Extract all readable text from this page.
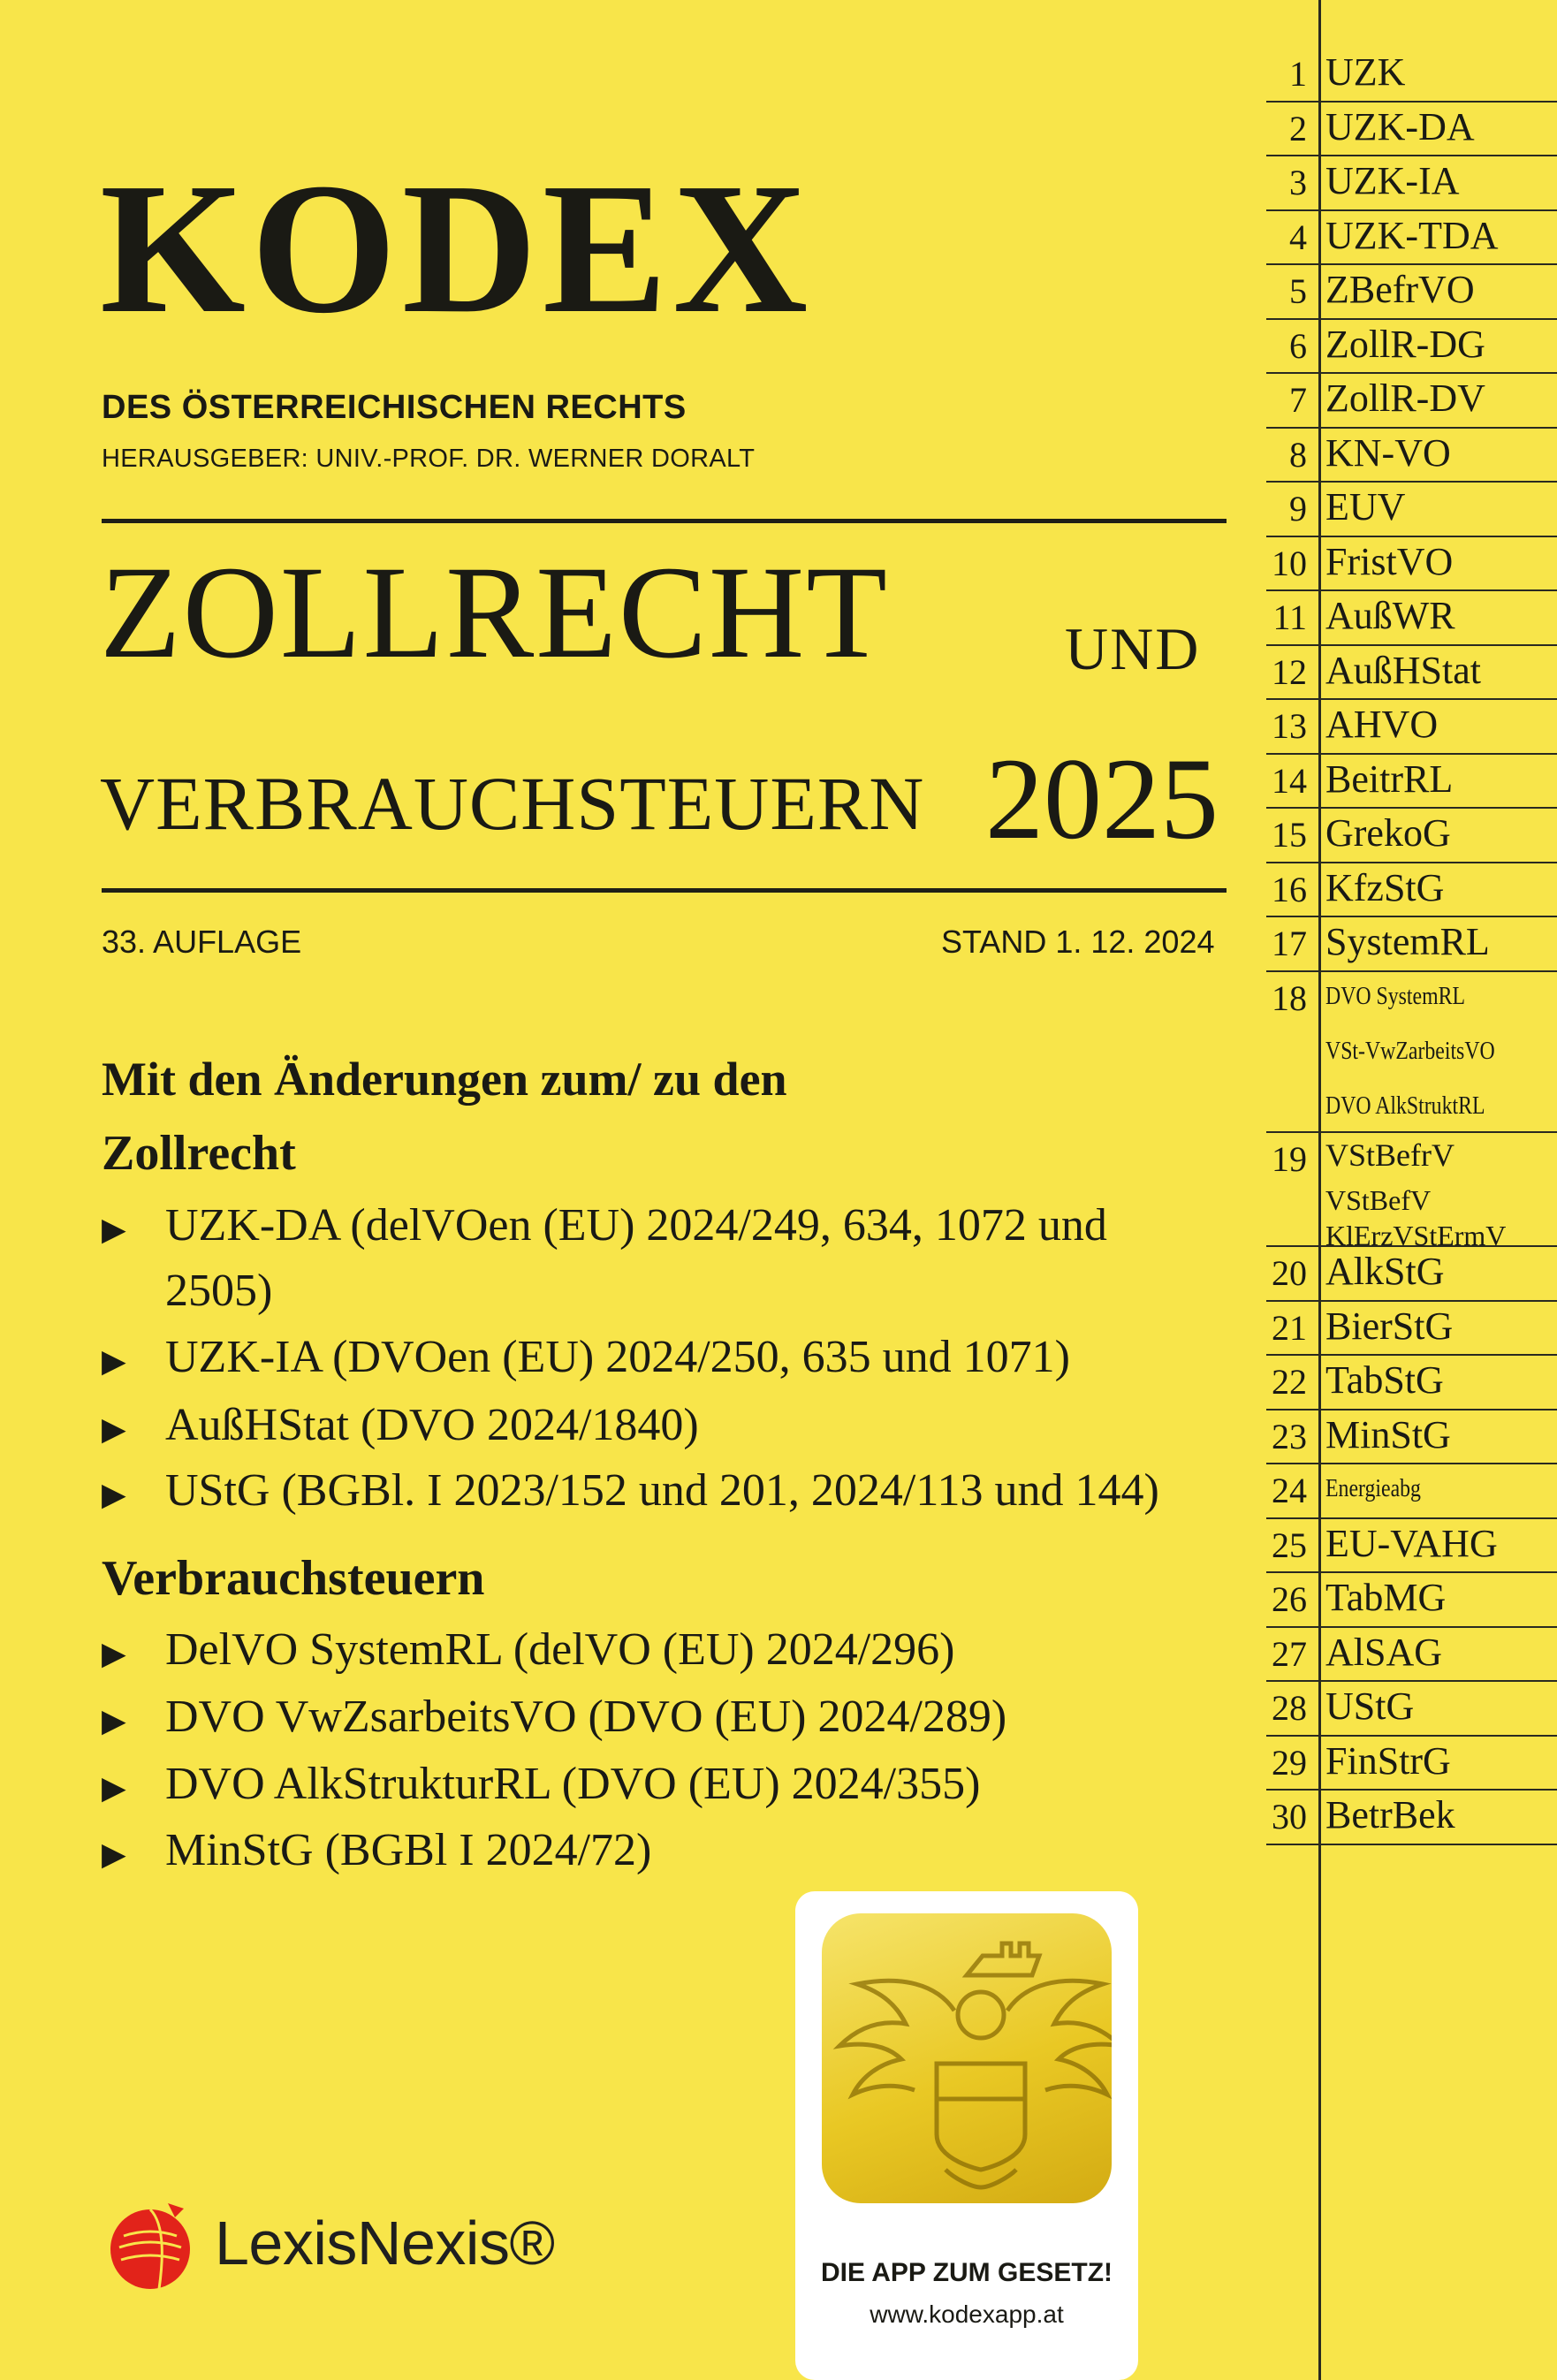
KODEX
DES ÖSTERREICHISCHEN RECHTS
HERAUSGEBER: UNIV.-PROF. DR. WERNER DORALT
ZOLLRECHT	UND
VERBRAUCHSTEUERN 2025
33. AUFLAGE	STAND 1. 12. 2024
Mit den Änderungen zum/ zu den
Zollrecht
▶ UZK-DA (delVOen (EU) 2024/249, 634, 1072 und 2505)
▶ UZK-IA (DVOen (EU) 2024/250, 635 und 1071)
▶ AußHStat (DVO 2024/1840)
▶ UStG (BGBl. I 2023/152 und 201, 2024/113 und 144)
Verbrauchsteuern
▶ DelVO SystemRL (delVO (EU) 2024/296)
▶ DVO VwZsarbeitsVO (DVO (EU) 2024/289)
▶ DVO AlkStrukturRL (DVO (EU) 2024/355)
▶ MinStG (BGBl I 2024/72)
1 UZK
2 UZK-DA
3 UZK-IA
4 UZK-TDA
5 ZBefrVO
6 ZollR-DG
7 ZollR-DV
8 KN-VO
9 EUV
10 FristVO
11 AußWR
12 AußHStat
13 AHVO
14 BeitrRL
15 GrekoG
16 KfzStG
17 SystemRL
18 DVO SystemRL
VSt-VwZarbeitsVO
DVO AlkStruktRL
19 VStBefrV
VStBefV
KlErzVStErmV
20 AlkStG
21 BierStG
22 TabStG
23 MinStG
24 Energieabg
25 EU-VAHG
26 TabMG
27 AlSAG
28 UStG
29 FinStrG
30 BetrBek
DIE APP ZUM GESETZ!
www.kodexapp.at
LexisNexis®
